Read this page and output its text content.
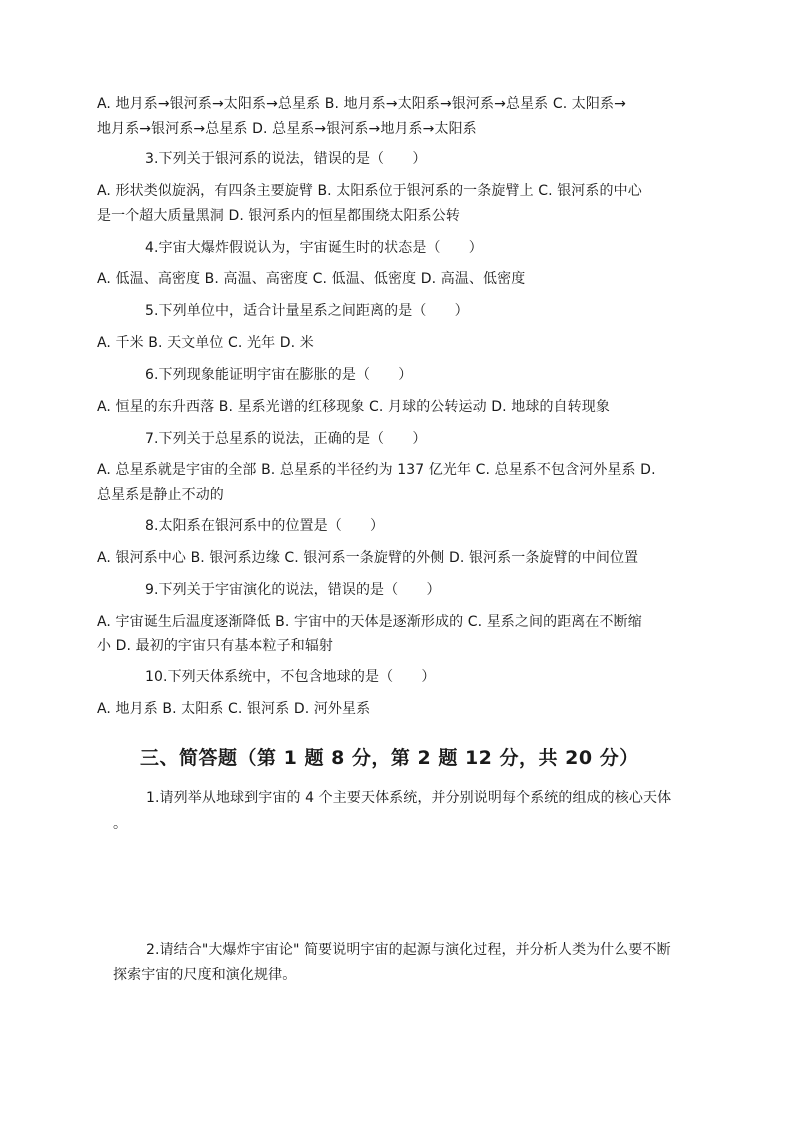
A. 地月系→银河系→太阳系→总星系 B. 地月系→太阳系→银河系→总星系 C. 太阳系→
地月系→银河系→总星系 D. 总星系→银河系→地月系→太阳系
3.下列关于银河系的说法，错误的是（　　）
A. 形状类似旋涡，有四条主要旋臂 B. 太阳系位于银河系的一条旋臂上 C. 银河系的中心
是一个超大质量黑洞 D. 银河系内的恒星都围绕太阳系公转
4.宇宙大爆炸假说认为，宇宙诞生时的状态是（　　）
A. 低温、高密度 B. 高温、高密度 C. 低温、低密度 D. 高温、低密度
5.下列单位中，适合计量星系之间距离的是（　　）
A. 千米 B. 天文单位 C. 光年 D. 米
6.下列现象能证明宇宙在膨胀的是（　　）
A. 恒星的东升西落 B. 星系光谱的红移现象 C. 月球的公转运动 D. 地球的自转现象
7.下列关于总星系的说法，正确的是（　　）
A. 总星系就是宇宙的全部 B. 总星系的半径约为 137 亿光年 C. 总星系不包含河外星系 D.
总星系是静止不动的
8.太阳系在银河系中的位置是（　　）
A. 银河系中心 B. 银河系边缘 C. 银河系一条旋臂的外侧 D. 银河系一条旋臂的中间位置
9.下列关于宇宙演化的说法，错误的是（　　）
A. 宇宙诞生后温度逐渐降低 B. 宇宙中的天体是逐渐形成的 C. 星系之间的距离在不断缩
小 D. 最初的宇宙只有基本粒子和辐射
10.下列天体系统中，不包含地球的是（　　）
A. 地月系 B. 太阳系 C. 银河系 D. 河外星系
三、简答题（第 1 题 8 分，第 2 题 12 分，共 20 分）
1.请列举从地球到宇宙的 4 个主要天体系统，并分别说明每个系统的组成的核心天体
。
2.请结合"大爆炸宇宙论" 简要说明宇宙的起源与演化过程，并分析人类为什么要不断
探索宇宙的尺度和演化规律。
